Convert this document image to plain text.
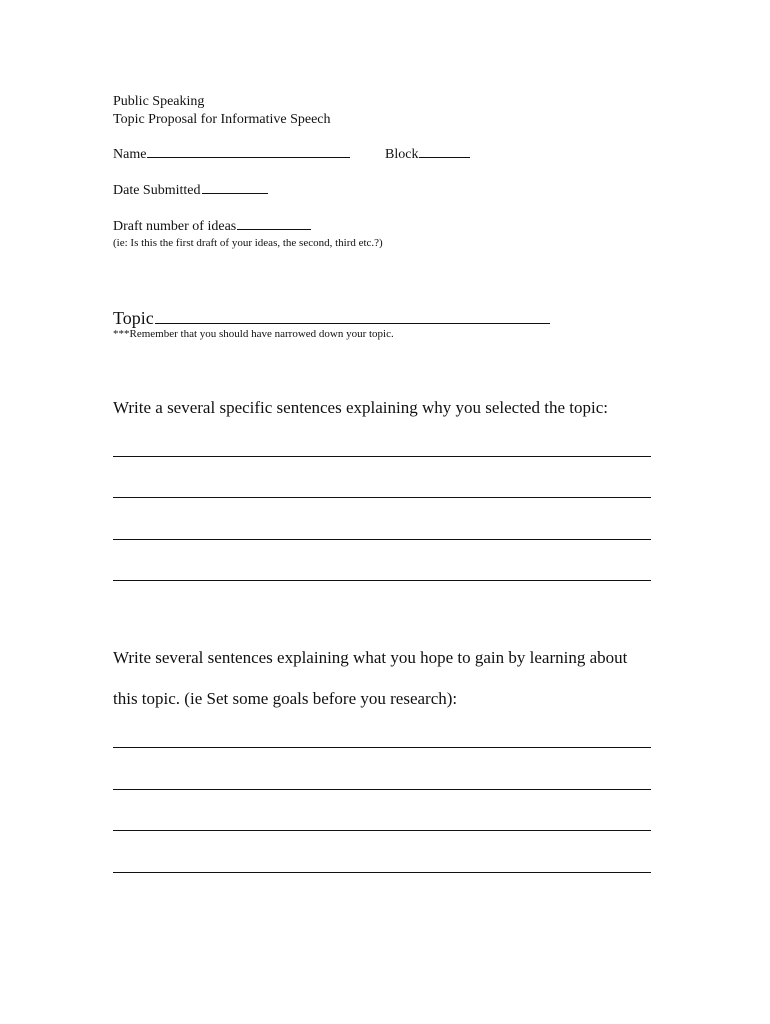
Public Speaking
Topic Proposal for Informative Speech
Name	Block
Date Submitted
Draft number of ideas
(ie: Is this the first draft of your ideas, the second, third etc.?)
Topic
***Remember that you should have narrowed down your topic.
Write a several specific sentences explaining why you selected the topic:
Write several sentences explaining what you hope to gain by learning about
this topic. (ie Set some goals before you research):
